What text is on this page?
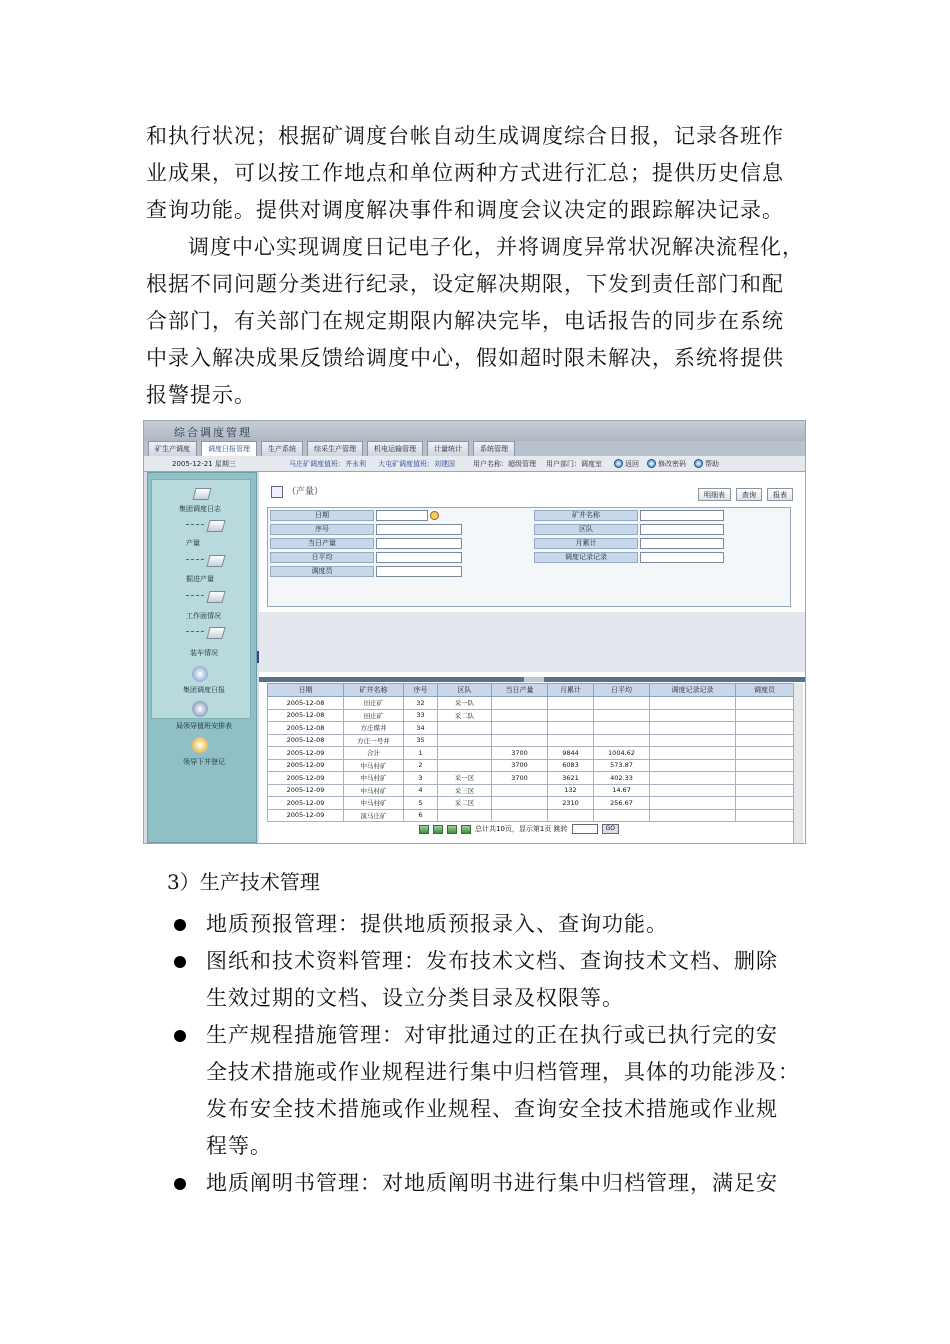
和执行状况；根据矿调度台帐自动生成调度综合日报，记录各班作
业成果，可以按工作地点和单位两种方式进行汇总；提供历史信息
查询功能。提供对调度解决事件和调度会议决定的跟踪解决记录。
调度中心实现调度日记电子化，并将调度异常状况解决流程化，
根据不同问题分类进行纪录，设定解决期限，下发到责任部门和配
合部门，有关部门在规定期限内解决完毕，电话报告的同步在系统
中录入解决成果反馈给调度中心，假如超时限未解决，系统将提供
报警提示。
综合调度管理
矿生产调度	调度日报管理	生产系统	综采生产管理	机电运输管理	计量统计	系统管理
2005-12-21 星期三	马庄矿调度值班：齐永利 大屯矿调度值班：刘建国	用户名称：超级管理 用户部门：调度室	返回	修改密码	帮助
集团调度日志
产量
掘进产量
工作面情况
装车情况
集团调度日报
局领导值班安排表
领导下井登记
（产量）	明细表	查询	报表
日期
序号
当日产量
日平均
调度员
矿井名称
区队
月累计
调度记录记录
日期	矿井名称	序号	区队	当日产量	月累计	日平均	调度记录记录	调度员
2005-12-08	田庄矿	32	采一队					
2005-12-08	田庄矿	33	采二队					
2005-12-08	方庄煤井	34						
2005-12-08	方庄一号井	35						
2005-12-09	合计	1		3700	9844	1004.62		
2005-12-09	中马村矿	2		3700	6083	573.87		
2005-12-09	中马村矿	3	采一区	3700	3621	402.33		
2005-12-09	中马村矿	4	采三区		132	14.67		
2005-12-09	中马村矿	5	采二区		2310	256.67		
2005-12-09	演马庄矿	6						
总计共10页，显示第1页 跳转	GO
3）生产技术管理
地质预报管理：提供地质预报录入、查询功能。
图纸和技术资料管理：发布技术文档、查询技术文档、删除
生效过期的文档、设立分类目录及权限等。
生产规程措施管理：对审批通过的正在执行或已执行完的安
全技术措施或作业规程进行集中归档管理，具体的功能涉及：
发布安全技术措施或作业规程、查询安全技术措施或作业规
程等。
地质阐明书管理：对地质阐明书进行集中归档管理，满足安
